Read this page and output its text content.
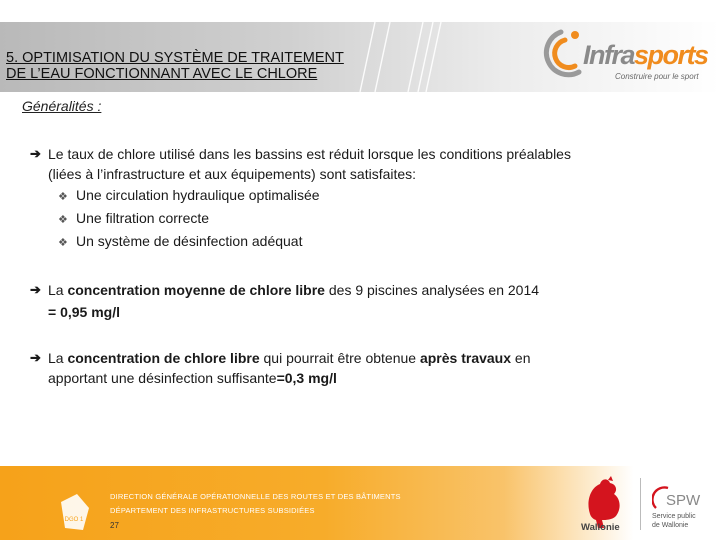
5. OPTIMISATION DU SYSTÈME DE TRAITEMENT
DE L’EAU FONCTIONNANT AVEC LE CHLORE
Infrasports
Construire pour le sport
Généralités :
➔ Le taux de chlore utilisé dans les bassins est réduit lorsque les conditions préalables
(liées à l’infrastructure et aux équipements) sont satisfaites:
❖ Une circulation hydraulique optimalisée
❖ Une filtration correcte
❖ Un système de désinfection adéquat
➔ La concentration moyenne de chlore libre des 9 piscines analysées en 2014
= 0,95 mg/l
➔ La concentration de chlore libre qui pourrait être obtenue après travaux en
apportant une désinfection suffisante=0,3 mg/l
DGO 1
DIRECTION GÉNÉRALE OPÉRATIONNELLE DES ROUTES ET DES BÂTIMENTS
DÉPARTEMENT DES INFRASTRUCTURES SUBSIDIÉES
27	Wallonie
SPW
Service public
de Wallonie
